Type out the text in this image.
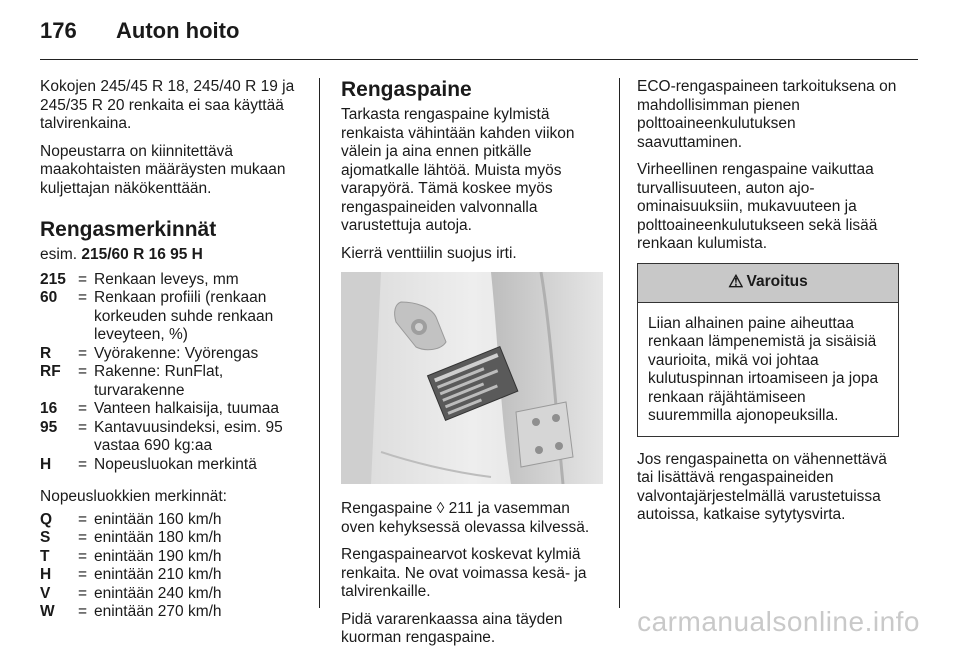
176	Auton hoito

Kokojen 245/45 R 18, 245/40 R 19 ja 245/35 R 20 renkaita ei saa käyttää talvirenkaina.

Nopeustarra on kiinnitettävä maakohtaisten määräysten mukaan kuljettajan näkökenttään.

Rengasmerkinnät
esim. 215/60 R 16 95 H
215 = Renkaan leveys, mm
60	= Renkaan profiili (renkaan korkeuden suhde renkaan leveyteen, %)
R	= Vyörakenne: Vyörengas
RF	= Rakenne: RunFlat, turvarakenne
16	= Vanteen halkaisija, tuumaa
95	= Kantavuusindeksi, esim. 95 vastaa 690 kg:aa
H	= Nopeusluokan merkintä

Nopeusluokkien merkinnät:

Q	= enintään 160 km/h
S	= enintään 180 km/h
T	= enintään 190 km/h
H	= enintään 210 km/h
V	= enintään 240 km/h
W	= enintään 270 km/h
Rengaspaine

Tarkasta rengaspaine kylmistä renkaista vähintään kahden viikon välein ja aina ennen pitkälle ajomatkalle lähtöä. Muista myös varapyörä. Tämä koskee myös rengaspaineiden valvonnalla varustettuja autoja.

Kierrä venttiilin suojus irti.

Rengaspaine ◊ 211 ja vasemman oven kehyksessä olevassa kilvessä.

Rengaspainearvot koskevat kylmiä renkaita. Ne ovat voimassa kesä- ja talvirenkaille.

Pidä vararenkaassa aina täyden kuorman rengaspaine.

ECO-rengaspaineen tarkoituksena on mahdollisimman pienen polttoaineenkulutuksen saavuttaminen.

Virheellinen rengaspaine vaikuttaa turvallisuuteen, auton ajo-ominaisuuksiin, mukavuuteen ja polttoaineenkulutukseen sekä lisää renkaan kulumista.

⚠ Varoitus
Liian alhainen paine aiheuttaa renkaan lämpenemistä ja sisäisiä vaurioita, mikä voi johtaa kulutuspinnan irtoamiseen ja jopa renkaan räjähtämiseen suuremmilla ajonopeuksilla.

Jos rengaspainetta on vähennettävä tai lisättävä rengaspaineiden valvontajärjestelmällä varustetuissa autoissa, katkaise sytytysvirta.

carmanualsonline.info
